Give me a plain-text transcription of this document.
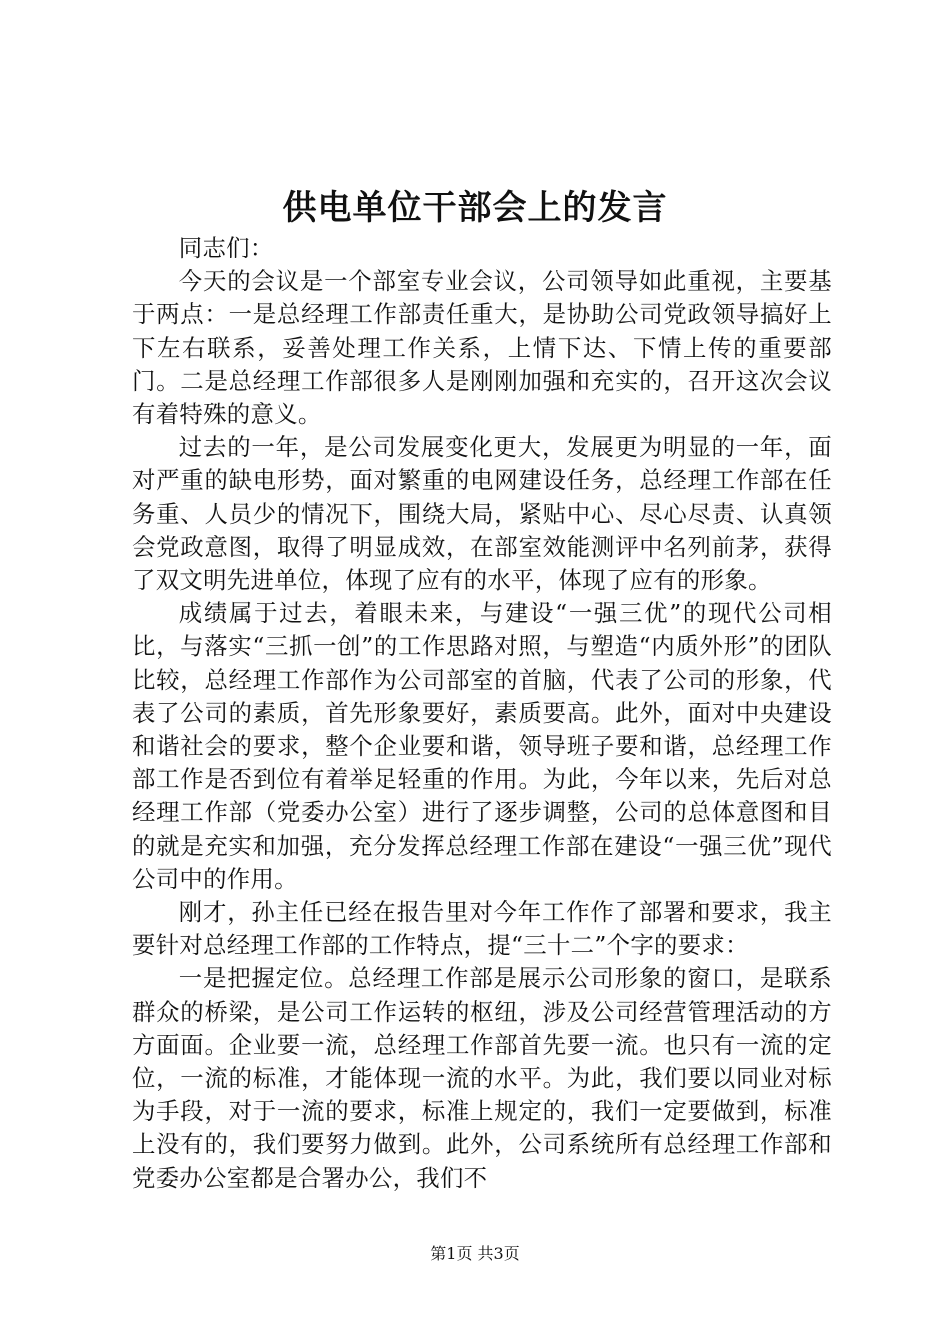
供电单位干部会上的发言

同志们：

今天的会议是一个部室专业会议，公司领导如此重视，主要基于两点：一是总经理工作部责任重大，是协助公司党政领导搞好上下左右联系，妥善处理工作关系，上情下达、下情上传的重要部门。二是总经理工作部很多人是刚刚加强和充实的，召开这次会议有着特殊的意义。

过去的一年，是公司发展变化更大，发展更为明显的一年，面对严重的缺电形势，面对繁重的电网建设任务，总经理工作部在任务重、人员少的情况下，围绕大局，紧贴中心、尽心尽责、认真领会党政意图，取得了明显成效，在部室效能测评中名列前茅，获得了双文明先进单位，体现了应有的水平，体现了应有的形象。

成绩属于过去，着眼未来，与建设“一强三优”的现代公司相比，与落实“三抓一创”的工作思路对照，与塑造“内质外形”的团队比较，总经理工作部作为公司部室的首脑，代表了公司的形象，代表了公司的素质，首先形象要好，素质要高。此外，面对中央建设和谐社会的要求，整个企业要和谐，领导班子要和谐，总经理工作部工作是否到位有着举足轻重的作用。为此，今年以来，先后对总经理工作部（党委办公室）进行了逐步调整，公司的总体意图和目的就是充实和加强，充分发挥总经理工作部在建设“一强三优”现代公司中的作用。

刚才，孙主任已经在报告里对今年工作作了部署和要求，我主要针对总经理工作部的工作特点，提“三十二”个字的要求：

一是把握定位。总经理工作部是展示公司形象的窗口，是联系群众的桥梁，是公司工作运转的枢纽，涉及公司经营管理活动的方方面面。企业要一流，总经理工作部首先要一流。也只有一流的定位，一流的标准，才能体现一流的水平。为此，我们要以同业对标为手段，对于一流的要求，标准上规定的，我们一定要做到，标准上没有的，我们要努力做到。此外，公司系统所有总经理工作部和党委办公室都是合署办公，我们不

第1页 共3页
